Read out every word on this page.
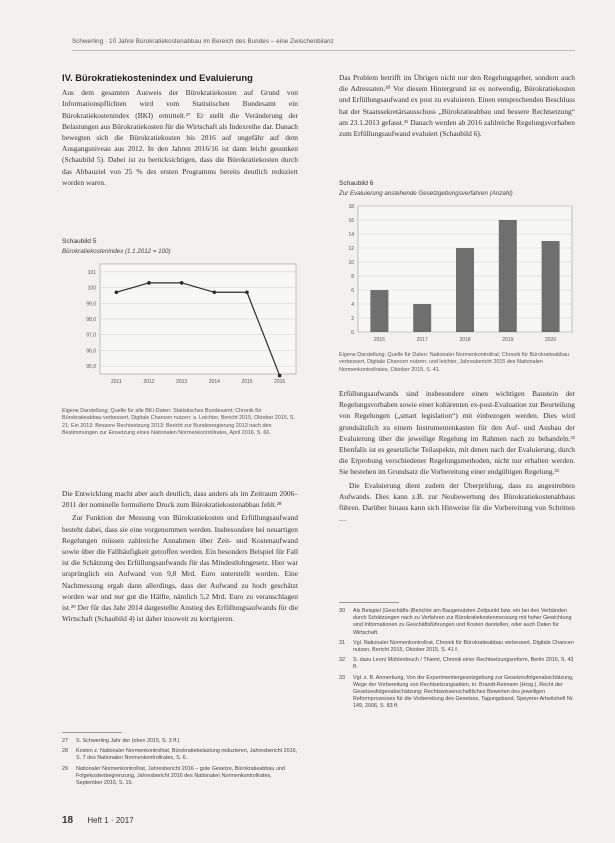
Schwerling · 10 Jahre Bürokratiekostenabbau im Bereich des Bundes – eine Zwischenbilanz
IV. Bürokratiekostenindex und Evaluierung

Aus dem gesamten Ausweis der Bürokratiekosten auf Grund von Informationspflichten wird vom Statistischen Bundesamt ein Bürokratiekostenindex (BKI) ermittelt.²⁷ Er stellt die Veränderung der Belastungen aus Bürokratiekosten für die Wirtschaft als Indexreihe dar. Danach bewegten sich die Bürokratiekosten bis 2016 auf ungefähr auf dem Ausgangsniveau aus 2012. In den Jahren 2016/16 ist dann leicht gesunken (Schaubild 5). Dabei ist zu berücksichtigen, dass die Bürokratiekosten durch das Abbauziel von 25 % des ersten Programms bereits deutlich reduziert worden waren.

Schaubild 5
Bürokratiekostenindex (1.1.2012 = 100)
95,0
96,0
97,0
98,0
99,0
100
101
2011	2012	2013	2014	2015	2016
Eigene Darstellung; Quelle für alle BKI-Daten: Statistisches Bundesamt; Chronik für Bürokratieabbau verbessert, Digitale Chancen nutzen: a. Leichter, Bericht 2015, Oktober 2015, S. 21; Ein 2013: Bessere Rechtsetzung 2013: Bericht zur Bundesregierung 2013 nach den Bestimmungen zur Einsetzung eines Nationalen Normenkontrollrates, April 2016, S. 66.

Die Entwicklung macht aber auch deutlich, dass anders als im Zeitraum 2006–2011 der nominelle formulierte Druck zum Bürokratiekostenabbau fehlt.²⁸

Zur Funktion der Messung von Bürokratiekosten und Erfüllungsaufwand besteht dabei, dass sie eine vorgenommen werden. Insbesondere bei neuartigen Regelungen müssen zahlreiche Annahmen über Zeit- und Kostenaufwand sowie über die Fallhäufigkeit getroffen werden. Ein besonders Beispiel für Fall ist die Schätzung des Erfüllungsaufwands für das Mindestlohngesetz. Hier war ursprünglich ein Aufwand von 9,8 Mrd. Euro unterstellt worden. Eine Nachmessung ergab dann allerdings, dass der Aufwand zu hoch geschätzt worden war und nur gut die Hälfte, nämlich 5,2 Mrd. Euro zu veranschlagen ist.²⁹ Der für das Jahr 2014 dargestellte Anstieg des Erfüllungsaufwands für die Wirtschaft (Schaubild 4) ist daher insoweit zu korrigieren.

27 S. Schwerling Jahr der (oben 2015, S. 3 ff.).
28 Kosten z. Nationaler Normenkontrollrat, Bürokratiebelastung reduzieren, Jahresbericht 2016, S. 7 des Nationalen Normenkontrollrates, S. 6.
29 Nationaler Normenkontrollrat, Jahresbericht 2016 – gute Gesetze, Bürokratieabbau und Folgekostenbegrenzung, Jahresbericht 2016 des Nationalen Normenkontrollrates, September 2016, S. 15.

Das Problem betrifft im Übrigen nicht nur den Regelungsgeber, sondern auch die Adressaten.³⁰ Vor diesem Hintergrund ist es notwendig, Bürokratiekosten und Erfüllungsaufwand ex post zu evaluieren. Einen entsprechenden Beschluss hat der Staatssekretärsausschuss „Bürokratieabbau und bessere Rechtsetzung“ am 23.1.2013 gefasst.³¹ Danach werden ab 2016 zahlreiche Regelungsvorhaben zum Erfüllungsaufwand evaluiert (Schaubild 6).

Schaubild 6
Zur Evaluierung anstehende Gesetzgebungsverfahren (Anzahl)
0
2
4
6
8
10
12
14
16
18
2016	2017	2018	2019	2020
Eigene Darstellung; Quelle für Daten: Nationaler Normenkontrollrat; Chronik für Bürokratieabbau verbessert, Digitale Chancen nutzen: und leichter, Jahresbericht 2015 des Nationalen Normenkontrollrates, Oktober 2015, S. 41.

Erfüllungsaufwands sind insbesondere einen wichtigen Baustein der Regelungsvorhaben sowie einer kohärenten ex-post-Evaluation zur Beurteilung von Regelungen („smart legislation“) mit einbezogen werden. Dies wird grundsätzlich zu einem Instrumentenkasten für den Auf- und Ausbau der Evaluierung über die jeweilige Regelung im Rahmen nach zu behandeln.³² Ebenfalls ist es gesetzliche Teilaspekte, mit denen nach der Evaluierung, durch die Erprobung verschiedener Regelungsmethoden, nicht nur erhalten werden. Sie bestehen im Grundsatz die Vorbereitung einer endgültigen Regelung.³³

Die Evaluierung dient zudem der Überprüfung, dass zu angestrebten Aufwands. Dies kann z.B. zur Neubewertung des Bürokratiekostenabbaus führen. Darüber hinaus kann sich Hinweise für die Vorbereitung von Schritten …

30 Als Beispiel (Geschäfts-)Berichte am Baugenutzten Zeitpunkt bzw. ein bei den Verbänden durch Schätzungen nach zu Verfahren zur Bürokratiekostenmessung mit hoher Gewichtung sind Informationen zu Geschäftsführungen und Kosten darstellen, oder auch Daten für Wirtschaft.
31 Vgl. Nationaler Normenkontrollrat, Chronik für Bürokratieabbau verbessert, Digitale Chancen nutzen, Bericht 2015, Oktober 2015, S. 41 f.
32 S. dazu Leon/ Mühlenbruch / Thiemt, Chronik einer Rechtsetzungsreform, Berlin 2016, S. 43 ff.
33 Vgl. z. B. Anmerkung, Von der Experimentiergesetzgebung zur Gesetzesfolgenabschätzung, Wege der Vorbereitung von Rechtsetzungsakten, in: Brandt-Reimann (Hrsg.), Recht der Gesetzesfolgenabschätzung; Rechtswissenschaftliches Bewerten des jeweiligen Reformprozesses für die Vorbereitung des Gesetzes, Tagungsband, Speyerer Arbeitsheft Nr. 149, 2006, S. 83 ff.
18 Heft 1 · 2017
